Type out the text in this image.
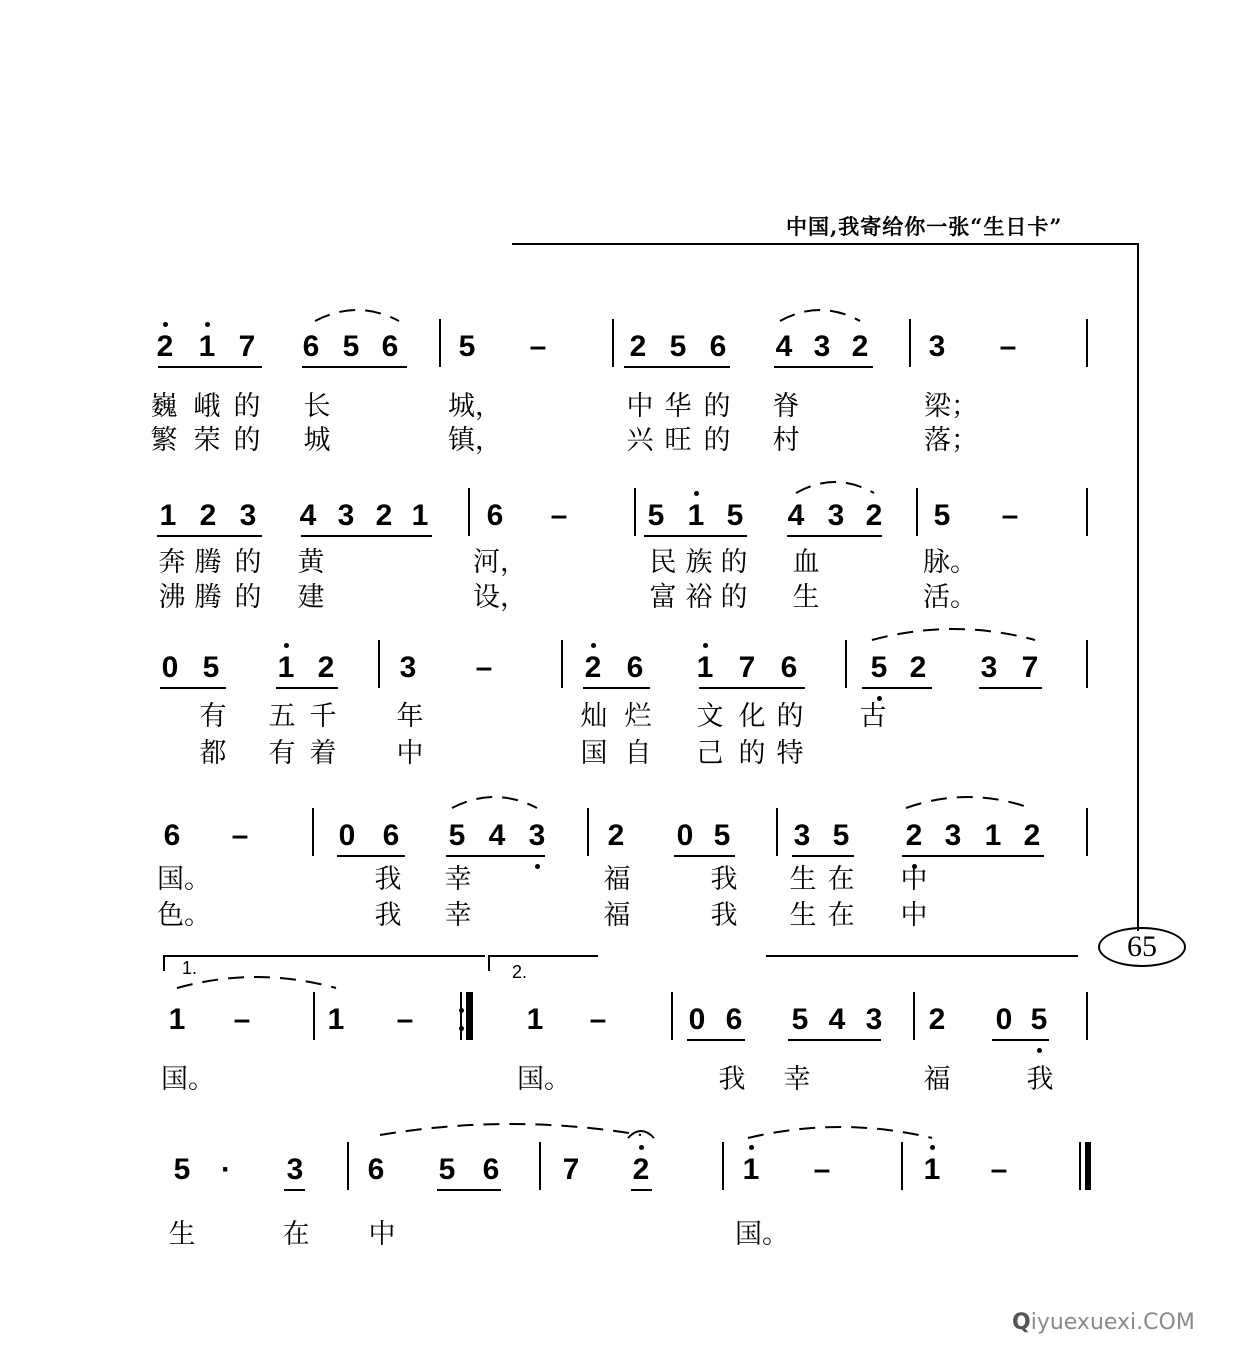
中国,我寄给你一张“生日卡”
65
2 1 7 6 5 6 5 –	2 5 6 4 3 2 3 –
巍 峨 的 长	城，	中 华 的 脊	梁；
繁 荣 的 城	镇，	兴 旺 的 村	落；
1 2 3 4 3 2 1 6 –	5 1 5 4 3 2 5 –
奔 腾 的 黄	河，	民 族 的 血	脉。
沸 腾 的 建	设，	富 裕 的 生	活。
0 5 1 2 3 –	2 6 1 7 6 5 2 3 7
有 五 千 年	灿 烂 文 化 的 古
都 有 着 中	国 自 己 的 特
6 –	0 6 5 4 3 2 0 5 3 5 2 3 1 2
国。	我 幸	福	我 生 在 中
色。	我 幸	福	我 生 在 中
1 –	1 –	1 –	0 6 5 4 3 2 0 5
国。	国。	我 幸	福	我
5	·	3 6 5 6 7 2	1 –	1 –
生	在 中	国。
1.	2.
Qiyuexuexi.COM
